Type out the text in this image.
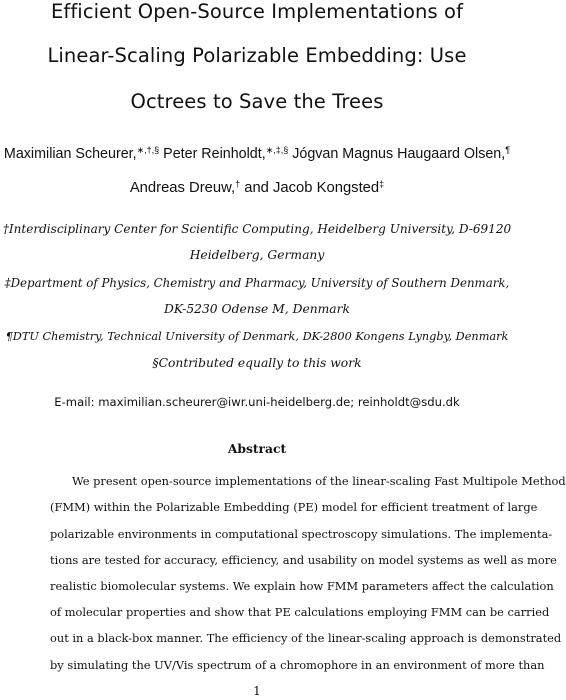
Efficient Open-Source Implementations of
Linear-Scaling Polarizable Embedding: Use
Octrees to Save the Trees
Maximilian Scheurer,∗,†,§ Peter Reinholdt,∗,‡,§ Jógvan Magnus Haugaard Olsen,¶
Andreas Dreuw,† and Jacob Kongsted‡
†Interdisciplinary Center for Scientific Computing, Heidelberg University, D-69120
Heidelberg, Germany
‡Department of Physics, Chemistry and Pharmacy, University of Southern Denmark,
DK-5230 Odense M, Denmark
¶DTU Chemistry, Technical University of Denmark, DK-2800 Kongens Lyngby, Denmark
§Contributed equally to this work
E-mail: maximilian.scheurer@iwr.uni-heidelberg.de; reinholdt@sdu.dk
Abstract
We present open-source implementations of the linear-scaling Fast Multipole Method
(FMM) within the Polarizable Embedding (PE) model for efficient treatment of large
polarizable environments in computational spectroscopy simulations. The implementa-
tions are tested for accuracy, efficiency, and usability on model systems as well as more
realistic biomolecular systems. We explain how FMM parameters affect the calculation
of molecular properties and show that PE calculations employing FMM can be carried
out in a black-box manner. The efficiency of the linear-scaling approach is demonstrated
by simulating the UV/Vis spectrum of a chromophore in an environment of more than
1
